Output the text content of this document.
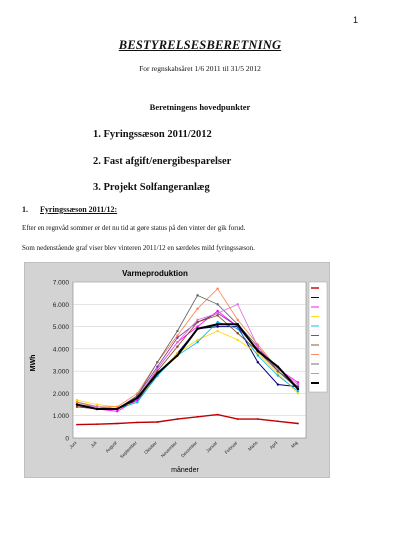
1
BESTYRELSESBERETNING
For regnskabsåret 1/6 2011 til 31/5 2012
Beretningens hovedpunkter
1. Fyringssæson 2011/2012
2. Fast afgift/energibesparelser
3. Projekt Solfangeranlæg
1. Fyringssæson 2011/12:
Efter en regnvåd sommer er det nu tid at gøre status på den vinter der gik forud.
Som nedenstående graf viser blev vinteren 2011/12 en særdeles mild fyringssæson.
Varmeproduktion
0
1.000
2.000
3.000
4.000
5.000
6.000
7.000
Juni	Juli August September Oktober November December Januar Februar Marts April	Maj
MWh
måneder
